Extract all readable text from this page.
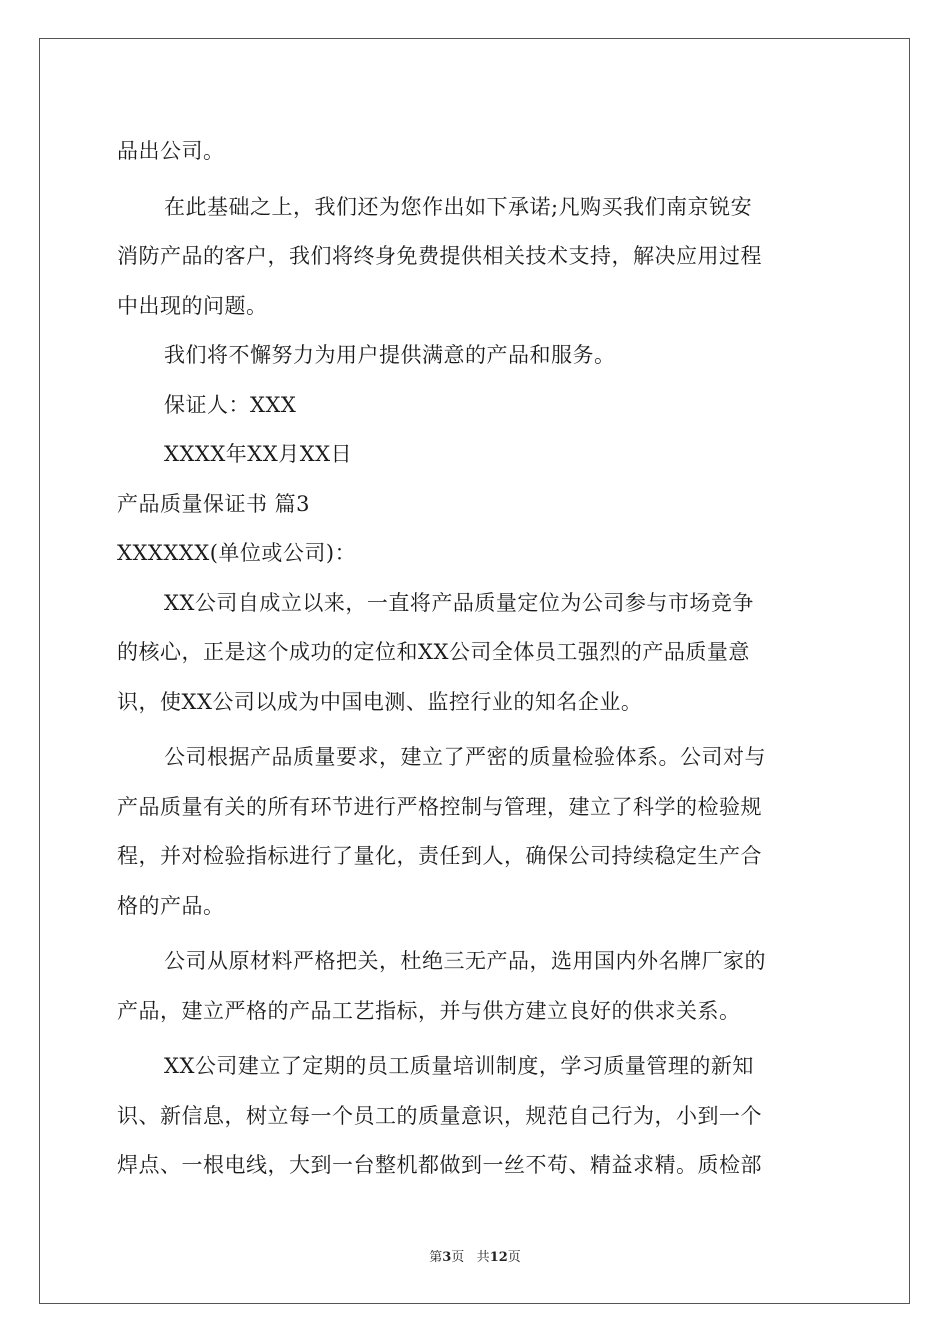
品出公司。
在此基础之上，我们还为您作出如下承诺;凡购买我们南京锐安
消防产品的客户，我们将终身免费提供相关技术支持，解决应用过程
中出现的问题。
我们将不懈努力为用户提供满意的产品和服务。
保证人：XXX
XXXX年XX月XX日
产品质量保证书 篇3
XXXXXX(单位或公司)：
XX公司自成立以来，一直将产品质量定位为公司参与市场竞争
的核心，正是这个成功的定位和XX公司全体员工强烈的产品质量意
识，使XX公司以成为中国电测、监控行业的知名企业。
公司根据产品质量要求，建立了严密的质量检验体系。公司对与
产品质量有关的所有环节进行严格控制与管理，建立了科学的检验规
程，并对检验指标进行了量化，责任到人，确保公司持续稳定生产合
格的产品。
公司从原材料严格把关，杜绝三无产品，选用国内外名牌厂家的
产品，建立严格的产品工艺指标，并与供方建立良好的供求关系。
XX公司建立了定期的员工质量培训制度，学习质量管理的新知
识、新信息，树立每一个员工的质量意识，规范自己行为，小到一个
焊点、一根电线，大到一台整机都做到一丝不苟、精益求精。质检部
第3页 共12页
